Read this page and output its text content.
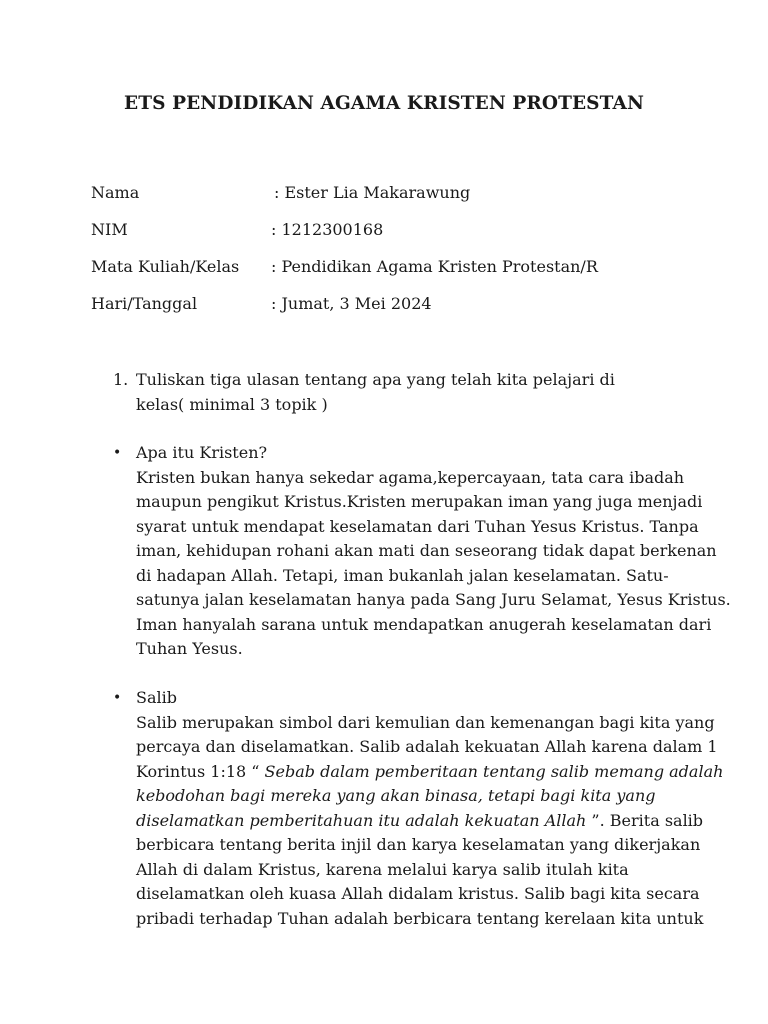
ETS PENDIDIKAN AGAMA KRISTEN PROTESTAN
Nama	: Ester Lia Makarawung
NIM	: 1212300168
Mata Kuliah/Kelas : Pendidikan Agama Kristen Protestan/R
Hari/Tanggal	: Jumat, 3 Mei 2024
1. Tuliskan tiga ulasan tentang apa yang telah kita pelajari di
kelas( minimal 3 topik )
• Apa itu Kristen?
Kristen bukan hanya sekedar agama,kepercayaan, tata cara ibadah
maupun pengikut Kristus.Kristen merupakan iman yang juga menjadi
syarat untuk mendapat keselamatan dari Tuhan Yesus Kristus. Tanpa
iman, kehidupan rohani akan mati dan seseorang tidak dapat berkenan
di hadapan Allah. Tetapi, iman bukanlah jalan keselamatan. Satu-
satunya jalan keselamatan hanya pada Sang Juru Selamat, Yesus Kristus.
Iman hanyalah sarana untuk mendapatkan anugerah keselamatan dari
Tuhan Yesus.
• Salib
Salib merupakan simbol dari kemulian dan kemenangan bagi kita yang
percaya dan diselamatkan. Salib adalah kekuatan Allah karena dalam 1
Korintus 1:18 “ Sebab dalam pemberitaan tentang salib memang adalah
kebodohan bagi mereka yang akan binasa, tetapi bagi kita yang
diselamatkan pemberitahuan itu adalah kekuatan Allah ”. Berita salib
berbicara tentang berita injil dan karya keselamatan yang dikerjakan
Allah di dalam Kristus, karena melalui karya salib itulah kita
diselamatkan oleh kuasa Allah didalam kristus. Salib bagi kita secara
pribadi terhadap Tuhan adalah berbicara tentang kerelaan kita untuk
